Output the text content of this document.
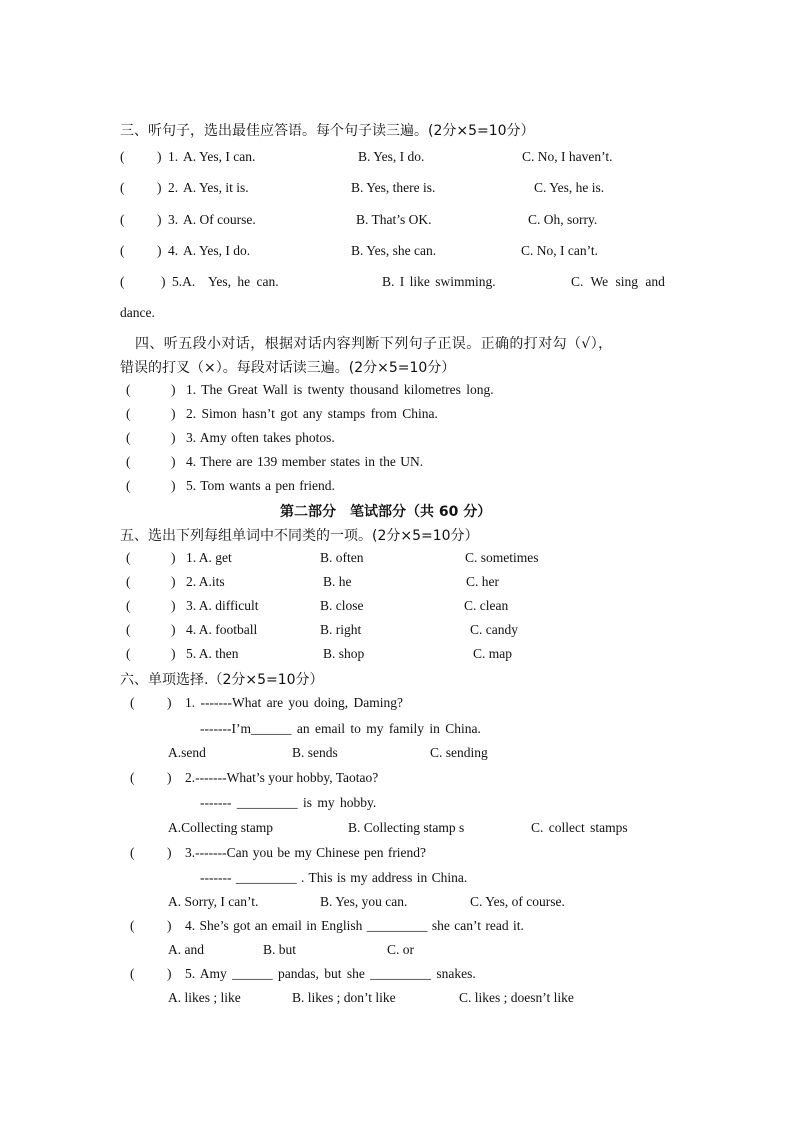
三、听句子，选出最佳应答语。每个句子读三遍。(2分×5=10分）
( ) 1. A. Yes, I can.	B. Yes, I do.	C. No, I haven’t.
( ) 2. A. Yes, it is.	B. Yes, there is.	C. Yes, he is.
( ) 3. A. Of course.	B. That’s OK.	C. Oh, sorry.
( ) 4. A. Yes, I do.	B. Yes, she can.	C. No, I can’t.
(	) 5.A. Yes, he can.	B. I like swimming.	C. We sing and
dance.
四、听五段小对话，根据对话内容判断下列句子正误。正确的打对勾（√），
错误的打叉（×）。每段对话读三遍。(2分×5=10分）
(	) 1. The Great Wall is twenty thousand kilometres long.
(	) 2. Simon hasn’t got any stamps from China.
(	) 3. Amy often takes photos.
(	) 4. There are 139 member states in the UN.
(	) 5. Tom wants a pen friend.
第二部分　笔试部分（共 60 分）
五、选出下列每组单词中不同类的一项。(2分×5=10分）
(	) 1. A. get	B. often	C. sometimes
(	) 2. A.its	B. he	C. her
(	) 3. A. difficult	B. close	C. clean
(	) 4. A. football	B. right	C. candy
(	) 5. A. then	B. shop	C. map
六、单项选择.（2分×5=10分）
( ) 1. -------What are you doing, Daming?
-------I’m______ an email to my family in China.
A.send	B. sends	C. sending
( ) 2.-------What’s your hobby, Taotao?
------- _________ is my hobby.
A.Collecting stamp	B. Collecting stamp s	C. collect stamps
( ) 3.-------Can you be my Chinese pen friend?
------- _________ . This is my address in China.
A. Sorry, I can’t.	B. Yes, you can.	C. Yes, of course.
( ) 4. She’s got an email in English _________ she can’t read it.
A. and	B. but	C. or
( ) 5. Amy ______ pandas, but she _________ snakes.
A. likes ; like	B. likes ; don’t like	C. likes ; doesn’t like
